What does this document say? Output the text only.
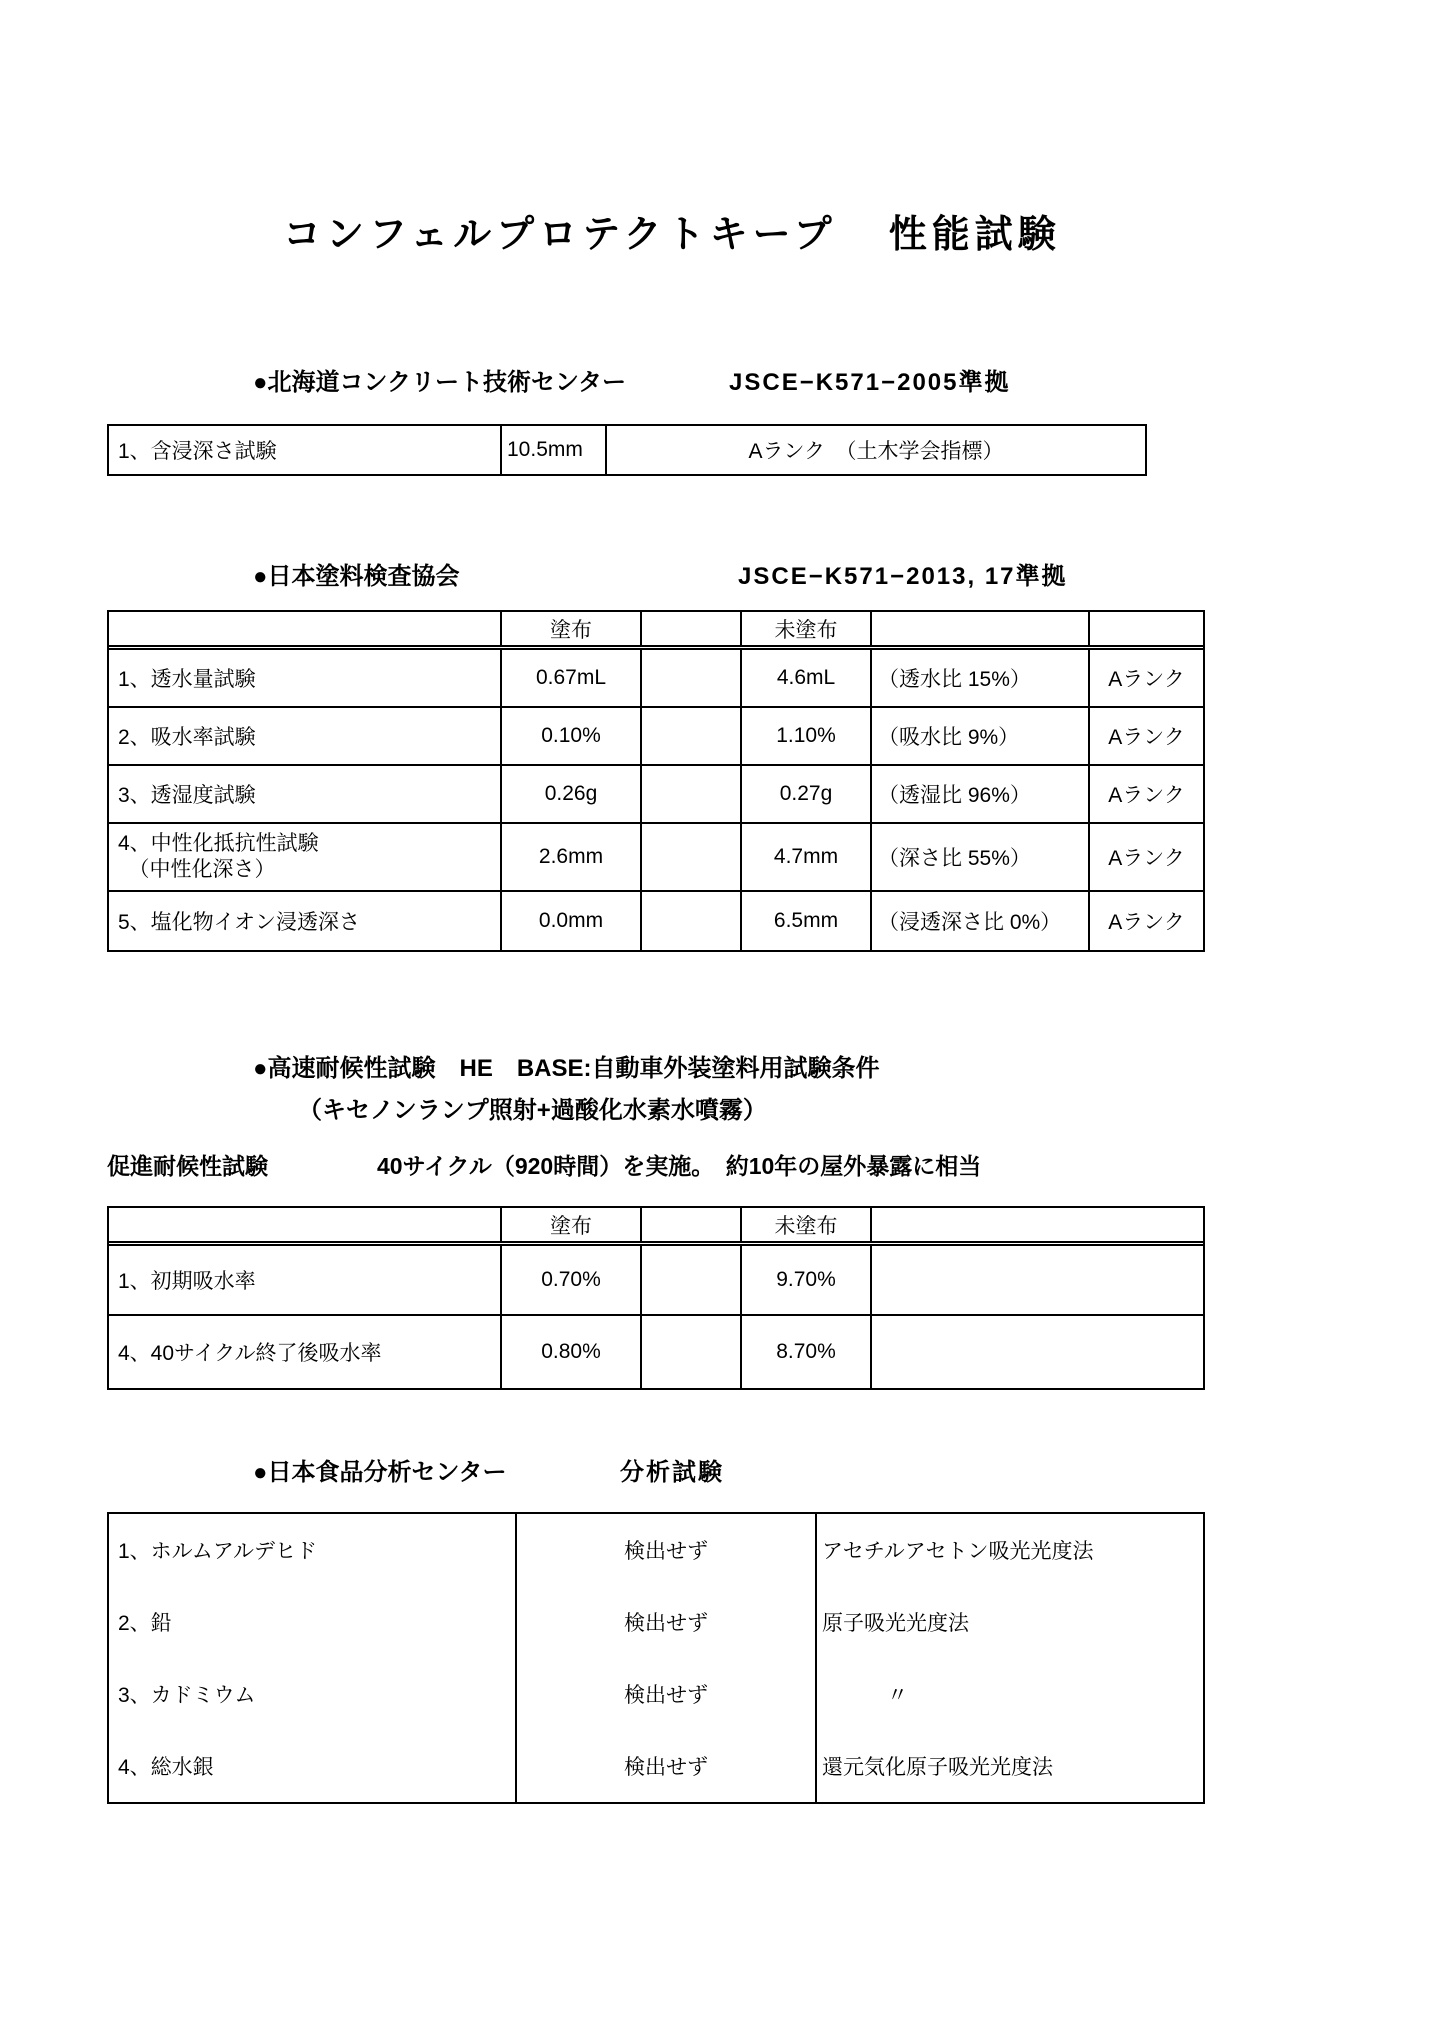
コンフェルプロテクトキープ 性能試験
●北海道コンクリート技術センター	JSCE−K571−2005準拠
1、含浸深さ試験	10.5mm	Aランク　（土木学会指標）
●日本塗料検査協会	JSCE−K571−2013, 17準拠
塗布	未塗布
1、透水量試験	0.67mL	4.6mL	（透水比 15%）	Aランク
2、吸水率試験	0.10%	1.10%	（吸水比 9%）	Aランク
3、透湿度試験	0.26g	0.27g	（透湿比 96%）	Aランク
4、中性化抵抗性試験
　（中性化深さ）
2.6mm	4.7mm	（深さ比 55%）	Aランク
5、塩化物イオン浸透深さ	0.0mm	6.5mm	（浸透深さ比 0%）	Aランク
●高速耐候性試験　HE　BASE:自動車外装塗料用試験条件
（キセノンランプ照射+過酸化水素水噴霧）
促進耐候性試験	40サイクル（920時間）を実施。　約10年の屋外暴露に相当
塗布	未塗布
1、初期吸水率	0.70%	9.70%
4、40サイクル終了後吸水率	0.80%	8.70%
●日本食品分析センター	分析試験
1、ホルムアルデヒド	検出せず	アセチルアセトン吸光光度法
2、鉛	検出せず	原子吸光光度法
3、カドミウム	検出せず	〃
4、総水銀	検出せず	還元気化原子吸光光度法
